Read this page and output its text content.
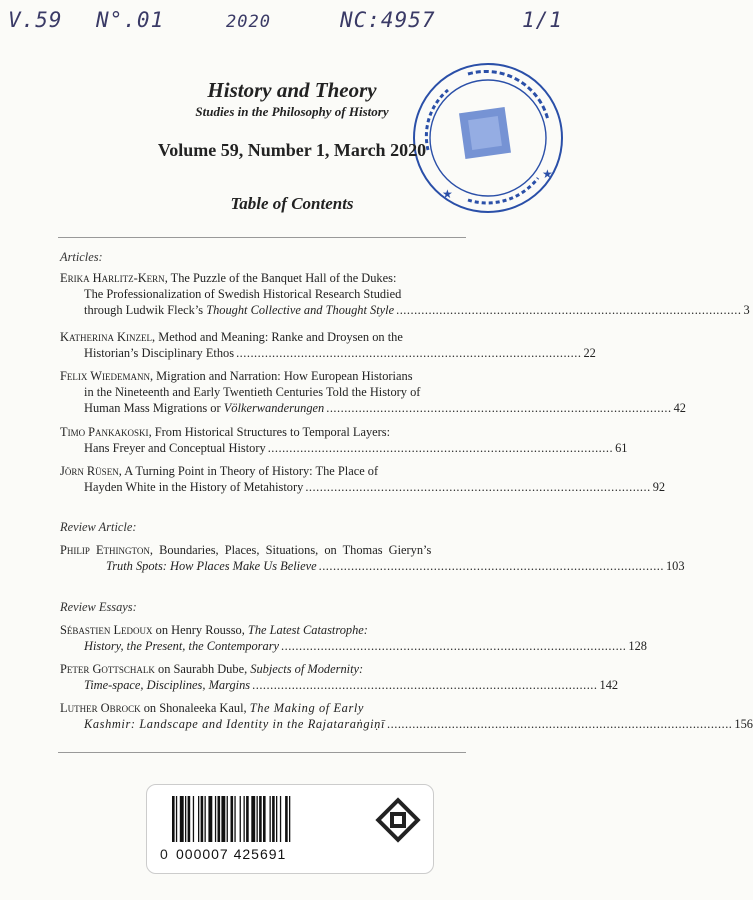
V.59 N°.01	2020	NC:4957	1/1
★
★
History and Theory
Studies in the Philosophy of History
Volume 59, Number 1, March 2020
Table of Contents
Articles:
Erika Harlitz-Kern, The Puzzle of the Banquet Hall of the Dukes:
The Professionalization of Swedish Historical Research Studied
through Ludwik Fleck’s Thought Collective and Thought Style ................................................................................................ 3
Katherina Kinzel, Method and Meaning: Ranke and Droysen on the
Historian’s Disciplinary Ethos ................................................................................................ 22
Felix Wiedemann, Migration and Narration: How European Historians
in the Nineteenth and Early Twentieth Centuries Told the History of
Human Mass Migrations or Völkerwanderungen ................................................................................................ 42
Timo Pankakoski, From Historical Structures to Temporal Layers:
Hans Freyer and Conceptual History ................................................................................................ 61
Jörn Rüsen, A Turning Point in Theory of History: The Place of
Hayden White in the History of Metahistory ................................................................................................ 92
Review Article:
Philip Ethington, Boundaries, Places, Situations, on Thomas Gieryn’s
Truth Spots: How Places Make Us Believe ................................................................................................ 103
Review Essays:
Sébastien Ledoux on Henry Rousso, The Latest Catastrophe:
History, the Present, the Contemporary ................................................................................................ 128
Peter Gottschalk on Saurabh Dube, Subjects of Modernity:
Time-space, Disciplines, Margins ................................................................................................ 142
Luther Obrock on Shonaleeka Kaul, The Making of Early
Kashmir: Landscape and Identity in the Rajataraṅgiṇī ................................................................................................ 156
0 000007 425691
